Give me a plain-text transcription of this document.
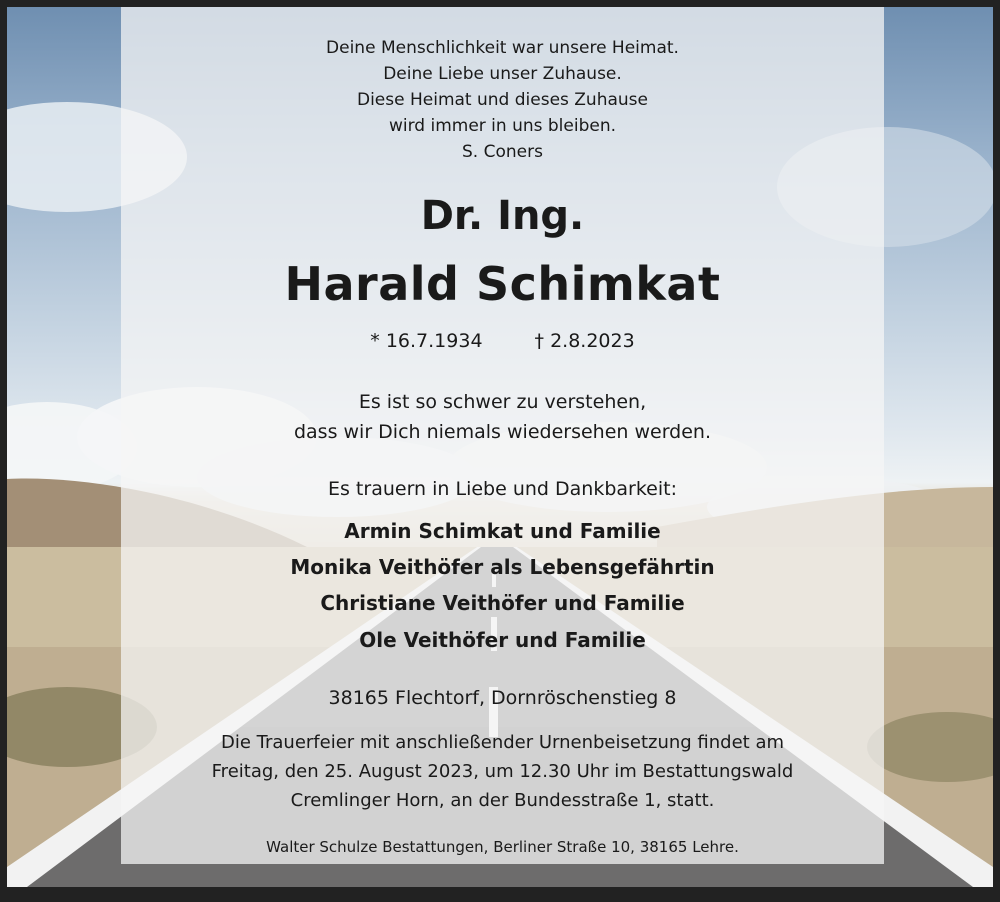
Deine Menschlichkeit war unsere Heimat.
Deine Liebe unser Zuhause.
Diese Heimat und dieses Zuhause
wird immer in uns bleiben.
S. Coners
Dr. Ing.
Harald Schimkat
* 16.7.1934	† 2.8.2023
Es ist so schwer zu verstehen,
dass wir Dich niemals wiedersehen werden.
Es trauern in Liebe und Dankbarkeit:
Armin Schimkat und Familie
Monika Veithöfer als Lebensgefährtin
Christiane Veithöfer und Familie
Ole Veithöfer und Familie
38165 Flechtorf, Dornröschenstieg 8
Die Trauerfeier mit anschließender Urnenbeisetzung findet am
Freitag, den 25. August 2023, um 12.30 Uhr im Bestattungswald
Cremlinger Horn, an der Bundesstraße 1, statt.
Walter Schulze Bestattungen, Berliner Straße 10, 38165 Lehre.
